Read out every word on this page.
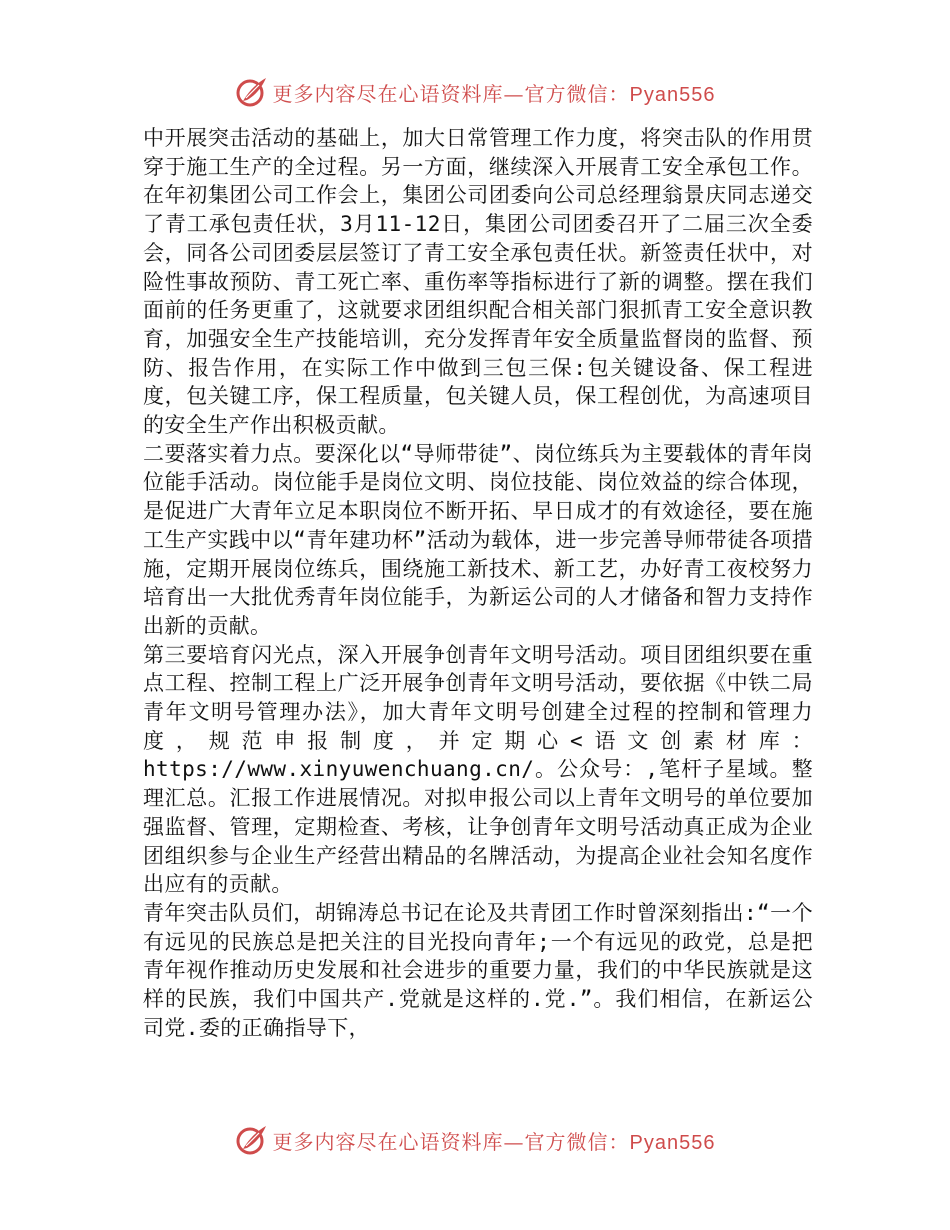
更多内容尽在心语资料库—官方微信：Pyan556

中开展突击活动的基础上，加大日常管理工作力度，将突击队的作用贯穿于施工生产的全过程。另一方面，继续深入开展青工安全承包工作。在年初集团公司工作会上，集团公司团委向公司总经理翁景庆同志递交了青工承包责任状，3月11-12日，集团公司团委召开了二届三次全委会，同各公司团委层层签订了青工安全承包责任状。新签责任状中，对险性事故预防、青工死亡率、重伤率等指标进行了新的调整。摆在我们面前的任务更重了，这就要求团组织配合相关部门狠抓青工安全意识教育，加强安全生产技能培训，充分发挥青年安全质量监督岗的监督、预防、报告作用，在实际工作中做到三包三保:包关键设备、保工程进度，包关键工序，保工程质量，包关键人员，保工程创优，为高速项目的安全生产作出积极贡献。

二要落实着力点。要深化以“导师带徒”、岗位练兵为主要载体的青年岗位能手活动。岗位能手是岗位文明、岗位技能、岗位效益的综合体现，是促进广大青年立足本职岗位不断开拓、早日成才的有效途径，要在施工生产实践中以“青年建功杯”活动为载体，进一步完善导师带徒各项措施，定期开展岗位练兵，围绕施工新技术、新工艺，办好青工夜校努力培育出一大批优秀青年岗位能手，为新运公司的人才储备和智力支持作出新的贡献。

第三要培育闪光点，深入开展争创青年文明号活动。项目团组织要在重点工程、控制工程上广泛开展争创青年文明号活动，要依据《中铁二局青年文明号管理办法》，加大青年文明号创建全过程的控制和管理力度，规范申报制度，并定期心<语文创素材库：https://www.xinyuwenchuang.cn/。公众号：,笔杆子星域。整理汇总。汇报工作进展情况。对拟申报公司以上青年文明号的单位要加强监督、管理，定期检查、考核，让争创青年文明号活动真正成为企业团组织参与企业生产经营出精品的名牌活动，为提高企业社会知名度作出应有的贡献。

青年突击队员们，胡锦涛总书记在论及共青团工作时曾深刻指出:“一个有远见的民族总是把关注的目光投向青年;一个有远见的政党，总是把青年视作推动历史发展和社会进步的重要力量，我们的中华民族就是这样的民族，我们中国共产.党就是这样的.党.”。我们相信，在新运公司党.委的正确指导下，

更多内容尽在心语资料库—官方微信：Pyan556
